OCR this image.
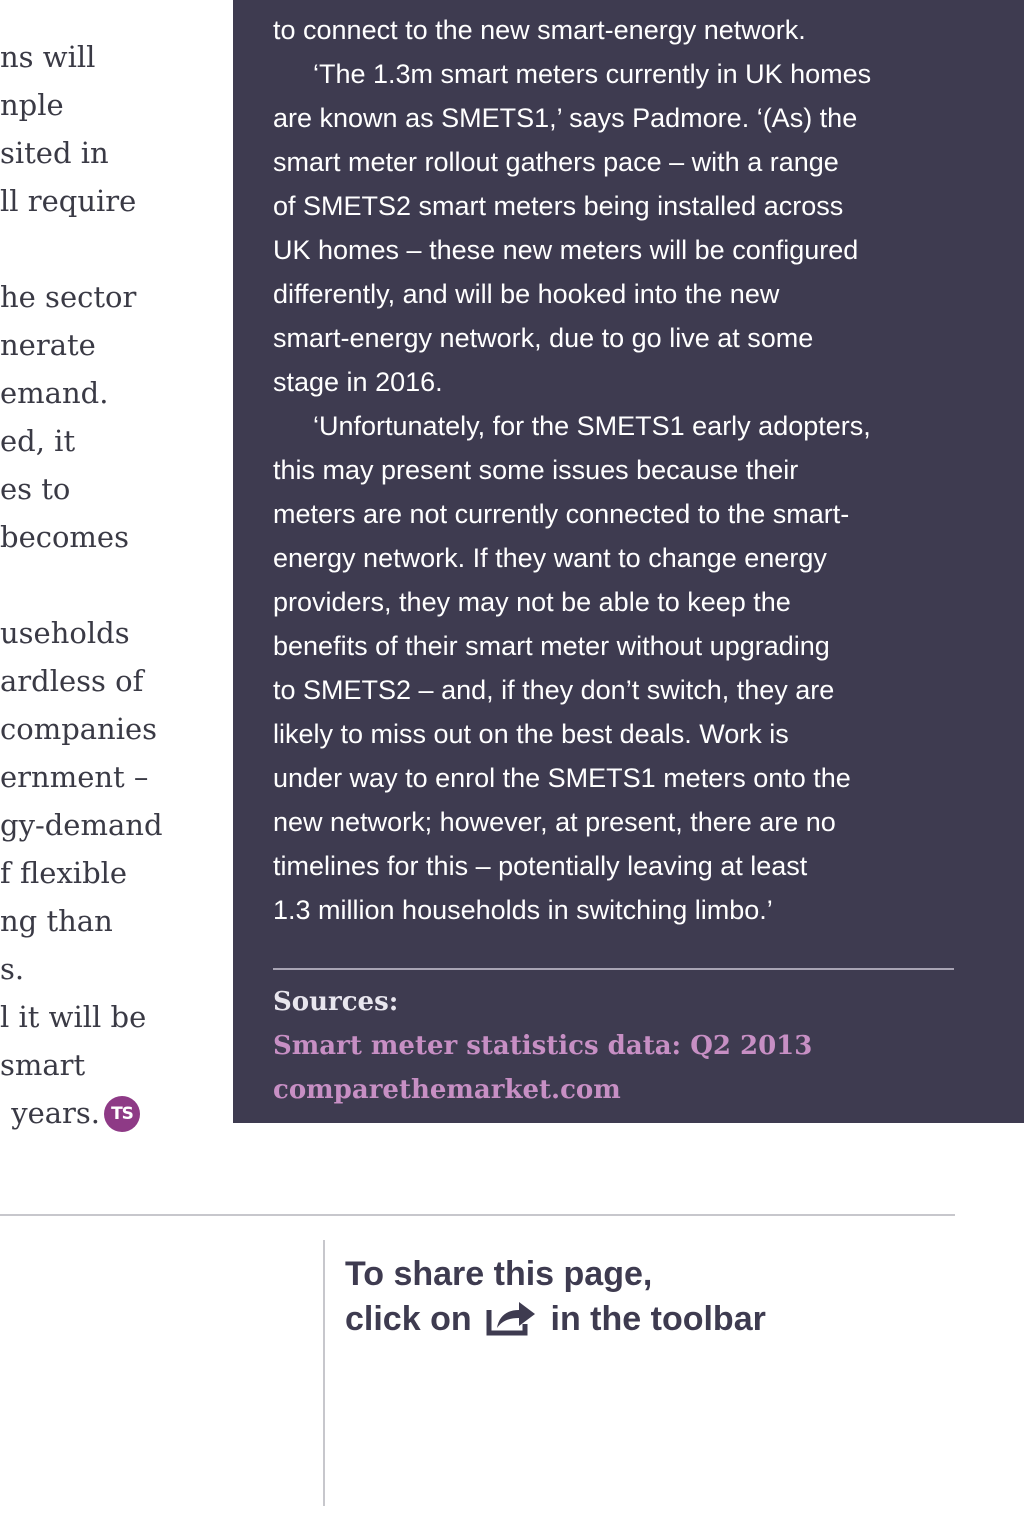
ns will
nple
sited in
ll require
he sector
nerate
emand.
ed, it
es to
becomes
useholds
ardless of
companies
ernment –
gy-demand
f flexible
ng than
s.
l it will be
smart
years. TS
to connect to the new smart-energy network.
‘The 1.3m smart meters currently in UK homes
are known as SMETS1,’ says Padmore. ‘(As) the
smart meter rollout gathers pace – with a range
of SMETS2 smart meters being installed across
UK homes – these new meters will be configured
differently, and will be hooked into the new
smart-energy network, due to go live at some
stage in 2016.
‘Unfortunately, for the SMETS1 early adopters,
this may present some issues because their
meters are not currently connected to the smart-
energy network. If they want to change energy
providers, they may not be able to keep the
benefits of their smart meter without upgrading
to SMETS2 – and, if they don’t switch, they are
likely to miss out on the best deals. Work is
under way to enrol the SMETS1 meters onto the
new network; however, at present, there are no
timelines for this – potentially leaving at least
1.3 million households in switching limbo.’
Sources:
Smart meter statistics data: Q2 2013
comparethemarket.com
To share this page,
click on in the toolbar
